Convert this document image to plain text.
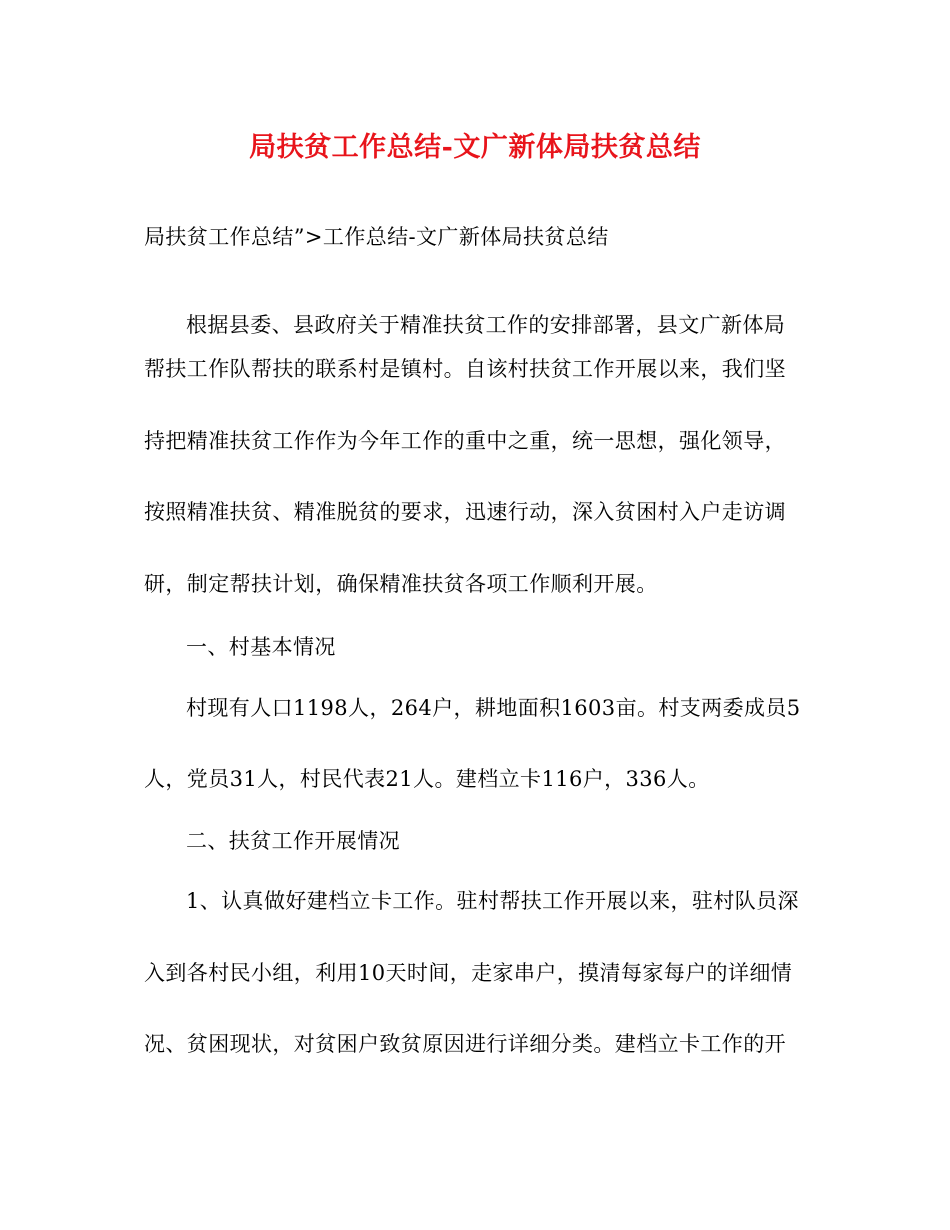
局扶贫工作总结-文广新体局扶贫总结
局扶贫工作总结”>工作总结-文广新体局扶贫总结
根据县委、县政府关于精准扶贫工作的安排部署，县文广新体局
帮扶工作队帮扶的联系村是镇村。自该村扶贫工作开展以来，我们坚
持把精准扶贫工作作为今年工作的重中之重，统一思想，强化领导，
按照精准扶贫、精准脱贫的要求，迅速行动，深入贫困村入户走访调
研，制定帮扶计划，确保精准扶贫各项工作顺利开展。
一、村基本情况
村现有人口1198人，264户，耕地面积1603亩。村支两委成员5
人，党员31人，村民代表21人。建档立卡116户，336人。
二、扶贫工作开展情况
1、认真做好建档立卡工作。驻村帮扶工作开展以来，驻村队员深
入到各村民小组，利用10天时间，走家串户，摸清每家每户的详细情
况、贫困现状，对贫困户致贫原因进行详细分类。建档立卡工作的开
